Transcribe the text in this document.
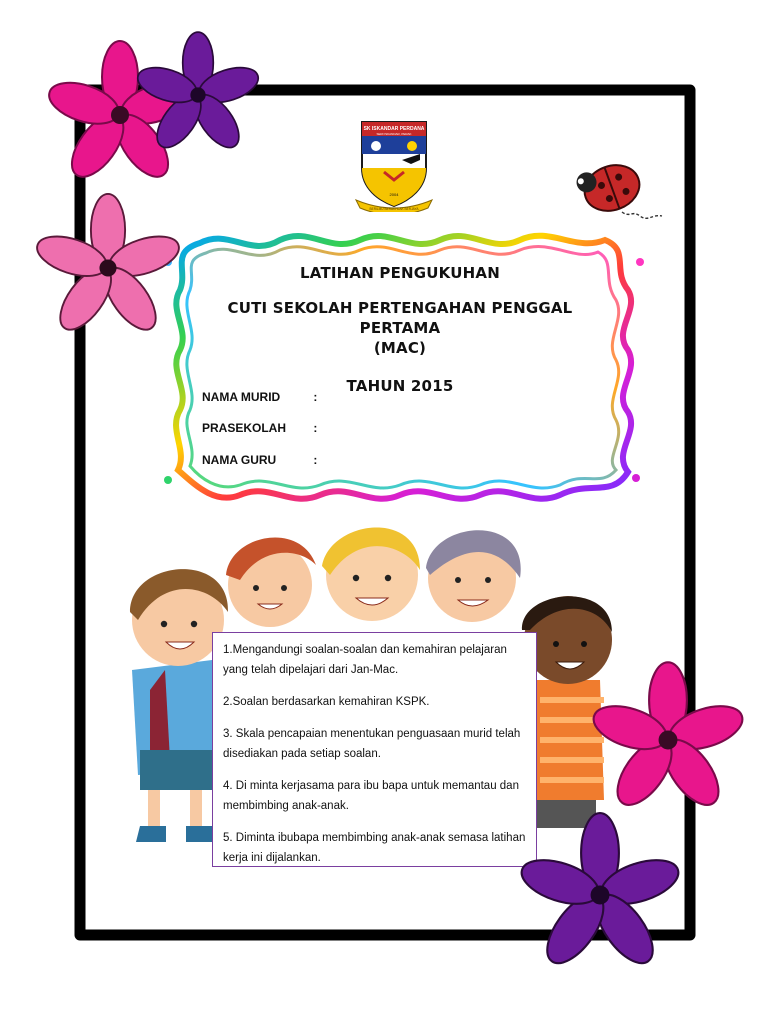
SK ISKANDAR PERDANA
SERI ISKANDAR, PERAK
2004
BERILMU BERAKHLAK BERJAYA
LATIHAN PENGUKUHAN
CUTI SEKOLAH PERTENGAHAN PENGGAL PERTAMA
(MAC)
TAHUN 2015
NAMA MURID	:
PRASEKOLAH :
NAMA GURU	:

1.Mengandungi soalan-soalan dan kemahiran pelajaran yang telah dipelajari dari Jan-Mac.

2.Soalan berdasarkan kemahiran KSPK.

3. Skala pencapaian menentukan penguasaan murid telah disediakan pada setiap soalan.

4. Di minta kerjasama para ibu bapa untuk memantau dan membimbing anak-anak.

5. Diminta ibubapa membimbing anak-anak semasa latihan kerja ini dijalankan.
